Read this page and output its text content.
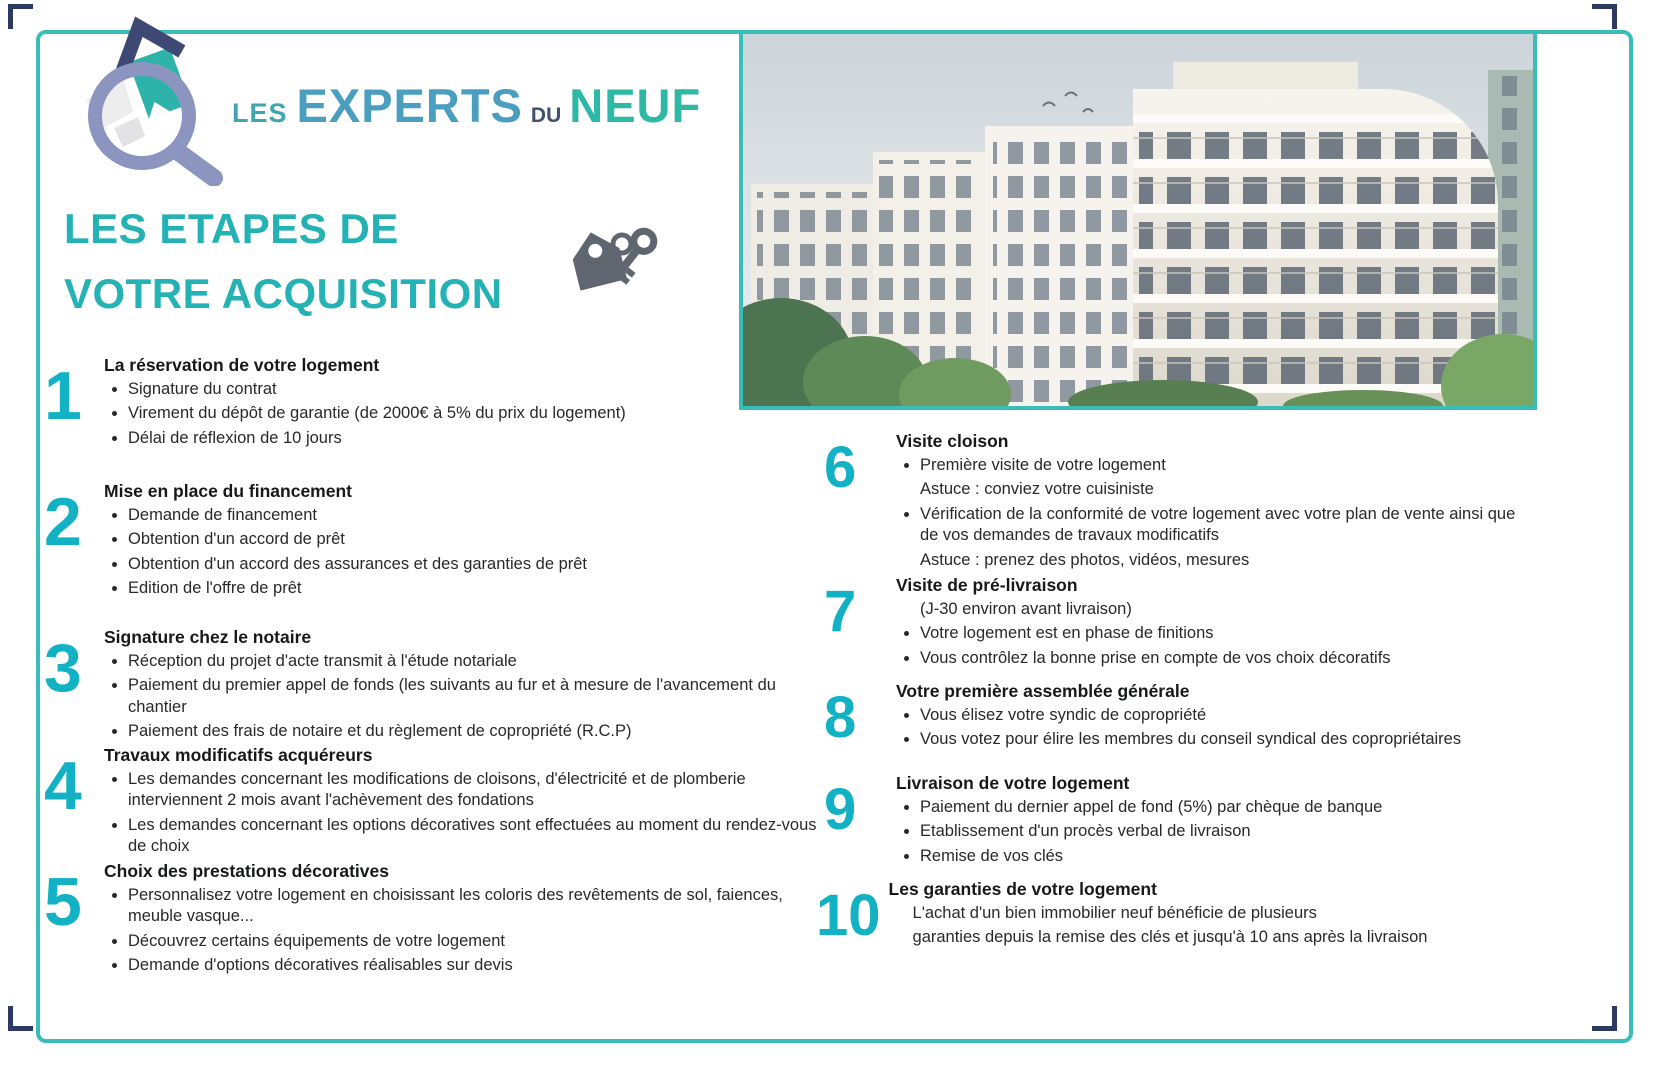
LES EXPERTS DU NEUF
LES ETAPES DE
VOTRE ACQUISITION
1	La réservation de votre logement
• Signature du contrat
• Virement du dépôt de garantie (de 2000€ à 5% du prix du logement)
• Délai de réflexion de 10 jours
2	Mise en place du financement
• Demande de financement
• Obtention d'un accord de prêt
• Obtention d'un accord des assurances et des garanties de prêt
• Edition de l'offre de prêt
3	Signature chez le notaire
• Réception du projet d'acte transmit à l'étude notariale
• Paiement du premier appel de fonds (les suivants au fur et à mesure de l'avancement du chantier
• Paiement des frais de notaire et du règlement de copropriété (R.C.P)
4	Travaux modificatifs acquéreurs
• Les demandes concernant les modifications de cloisons, d'électricité et de plomberie interviennent 2 mois avant l'achèvement des fondations
• Les demandes concernant les options décoratives sont effectuées au moment du rendez-vous de choix
5	Choix des prestations décoratives
• Personnalisez votre logement en choisissant les coloris des revêtements de sol, faiences, meuble vasque...
• Découvrez certains équipements de votre logement
• Demande d'options décoratives réalisables sur devis
6	Visite cloison
• Première visite de votre logement
Astuce : conviez votre cuisiniste
• Vérification de la conformité de votre logement avec votre plan de vente ainsi que de vos demandes de travaux modificatifs
Astuce : prenez des photos, vidéos, mesures
7	Visite de pré-livraison
(J-30 environ avant livraison)
• Votre logement est en phase de finitions
• Vous contrôlez la bonne prise en compte de vos choix décoratifs
8	Votre première assemblée générale
• Vous élisez votre syndic de copropriété
• Vous votez pour élire les membres du conseil syndical des copropriétaires
9	Livraison de votre logement
• Paiement du dernier appel de fond (5%) par chèque de banque
• Etablissement d'un procès verbal de livraison
• Remise de vos clés
10 Les garanties de votre logement
L'achat d'un bien immobilier neuf bénéficie de plusieurs
garanties depuis la remise des clés et jusqu'à 10 ans après la livraison
